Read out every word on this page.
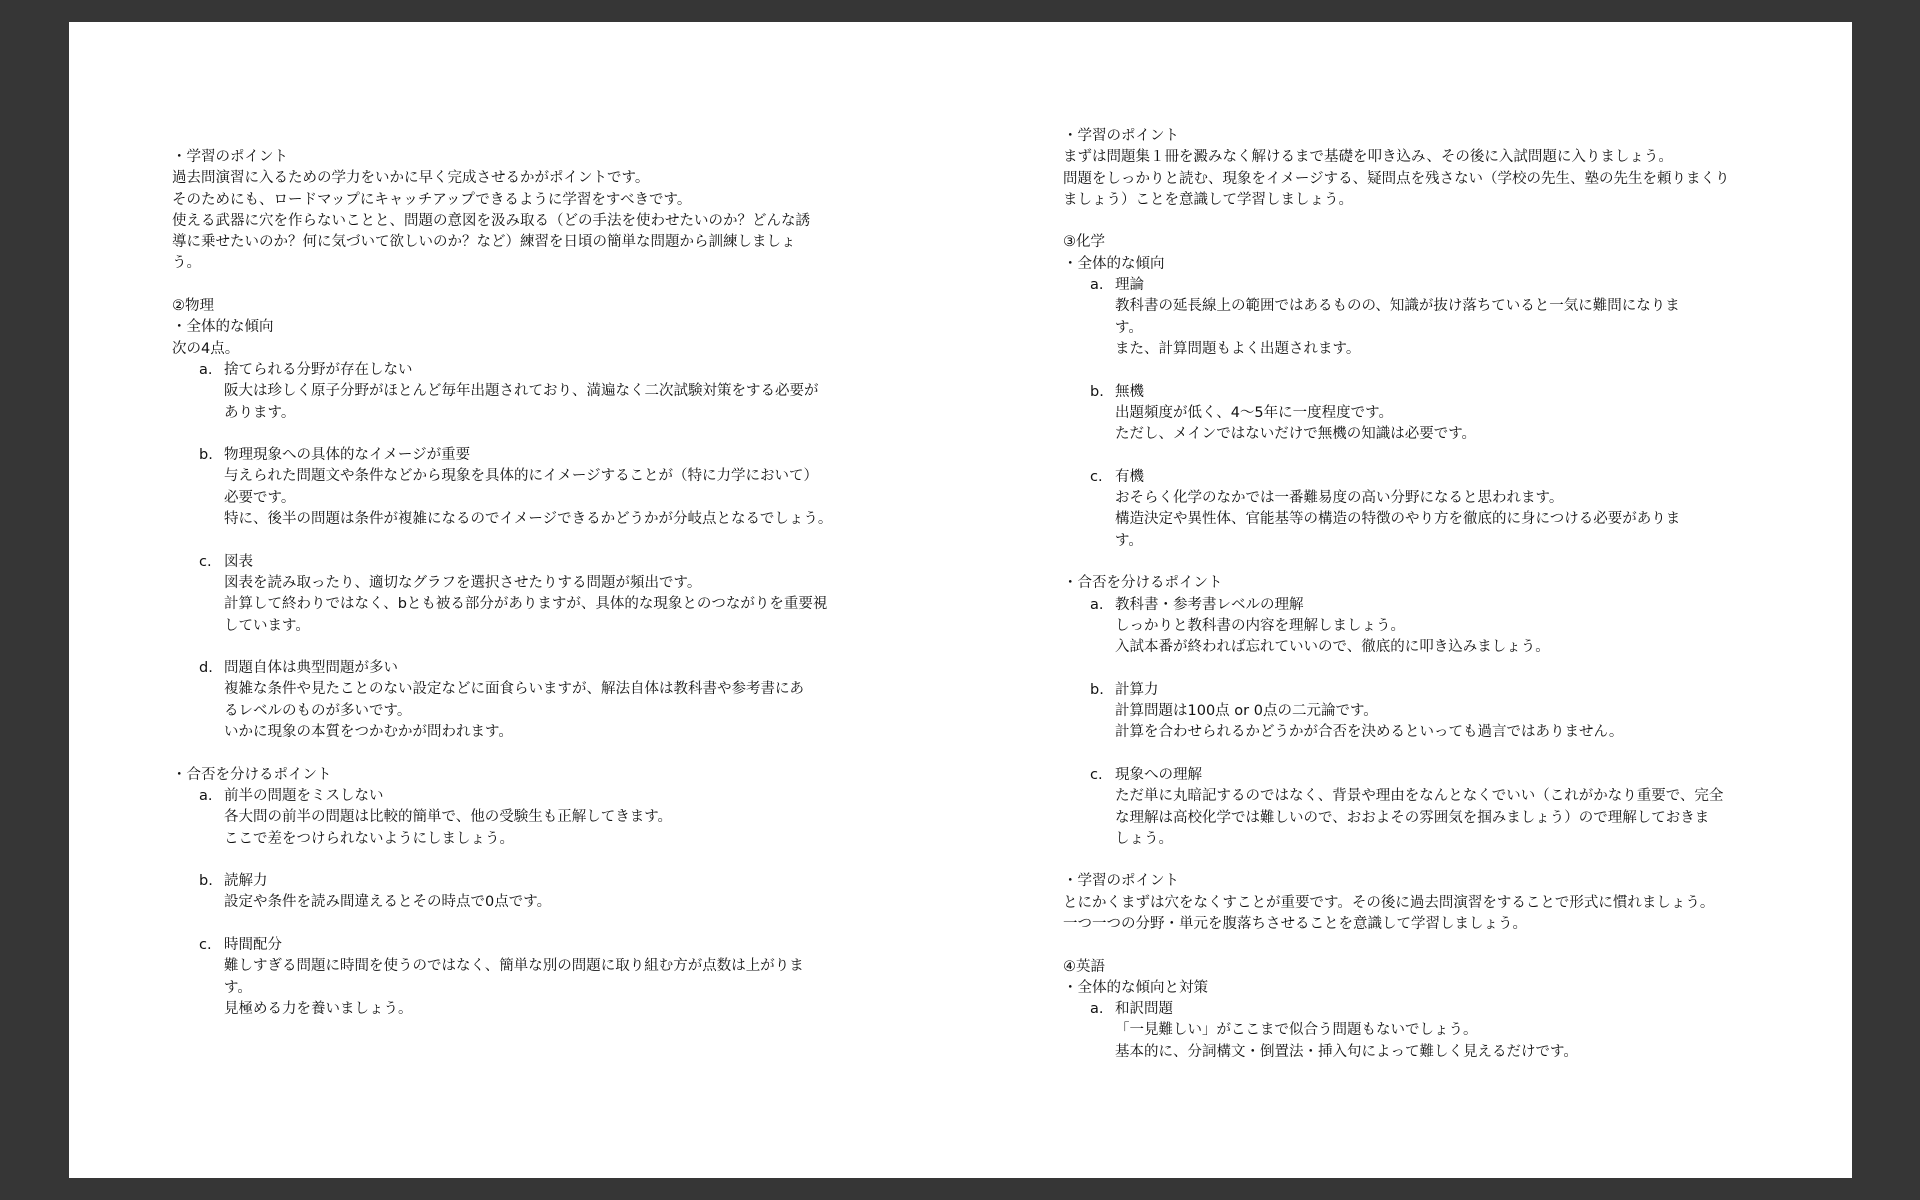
・学習のポイント
過去問演習に入るための学力をいかに早く完成させるかがポイントです。
そのためにも、ロードマップにキャッチアップできるように学習をすべきです。
使える武器に穴を作らないことと、問題の意図を汲み取る（どの手法を使わせたいのか？どんな誘
導に乗せたいのか？何に気づいて欲しいのか？など）練習を日頃の簡単な問題から訓練しましょ
う。
②物理
・全体的な傾向
次の4点。
a. 捨てられる分野が存在しない
阪大は珍しく原子分野がほとんど毎年出題されており、満遍なく二次試験対策をする必要が
あります。
b. 物理現象への具体的なイメージが重要
与えられた問題文や条件などから現象を具体的にイメージすることが（特に力学において）
必要です。
特に、後半の問題は条件が複雑になるのでイメージできるかどうかが分岐点となるでしょう。
c. 図表
図表を読み取ったり、適切なグラフを選択させたりする問題が頻出です。
計算して終わりではなく、bとも被る部分がありますが、具体的な現象とのつながりを重要視
しています。
d. 問題自体は典型問題が多い
複雑な条件や見たことのない設定などに面食らいますが、解法自体は教科書や参考書にあ
るレベルのものが多いです。
いかに現象の本質をつかむかが問われます。
・合否を分けるポイント
a. 前半の問題をミスしない
各大問の前半の問題は比較的簡単で、他の受験生も正解してきます。
ここで差をつけられないようにしましょう。
b. 読解力
設定や条件を読み間違えるとその時点で0点です。
c. 時間配分
難しすぎる問題に時間を使うのではなく、簡単な別の問題に取り組む方が点数は上がりま
す。
見極める力を養いましょう。
・学習のポイント
まずは問題集１冊を澱みなく解けるまで基礎を叩き込み、その後に入試問題に入りましょう。
問題をしっかりと読む、現象をイメージする、疑問点を残さない（学校の先生、塾の先生を頼りまくり
ましょう）ことを意識して学習しましょう。
③化学
・全体的な傾向
a. 理論
教科書の延長線上の範囲ではあるものの、知識が抜け落ちていると一気に難問になりま
す。
また、計算問題もよく出題されます。
b. 無機
出題頻度が低く、4〜5年に一度程度です。
ただし、メインではないだけで無機の知識は必要です。
c. 有機
おそらく化学のなかでは一番難易度の高い分野になると思われます。
構造決定や異性体、官能基等の構造の特徴のやり方を徹底的に身につける必要がありま
す。
・合否を分けるポイント
a. 教科書・参考書レベルの理解
しっかりと教科書の内容を理解しましょう。
入試本番が終われば忘れていいので、徹底的に叩き込みましょう。
b. 計算力
計算問題は100点 or 0点の二元論です。
計算を合わせられるかどうかが合否を決めるといっても過言ではありません。
c. 現象への理解
ただ単に丸暗記するのではなく、背景や理由をなんとなくでいい（これがかなり重要で、完全
な理解は高校化学では難しいので、おおよその雰囲気を掴みましょう）ので理解しておきま
しょう。
・学習のポイント
とにかくまずは穴をなくすことが重要です。その後に過去問演習をすることで形式に慣れましょう。
一つ一つの分野・単元を腹落ちさせることを意識して学習しましょう。
④英語
・全体的な傾向と対策
a. 和訳問題
「一見難しい」がここまで似合う問題もないでしょう。
基本的に、分詞構文・倒置法・挿入句によって難しく見えるだけです。
